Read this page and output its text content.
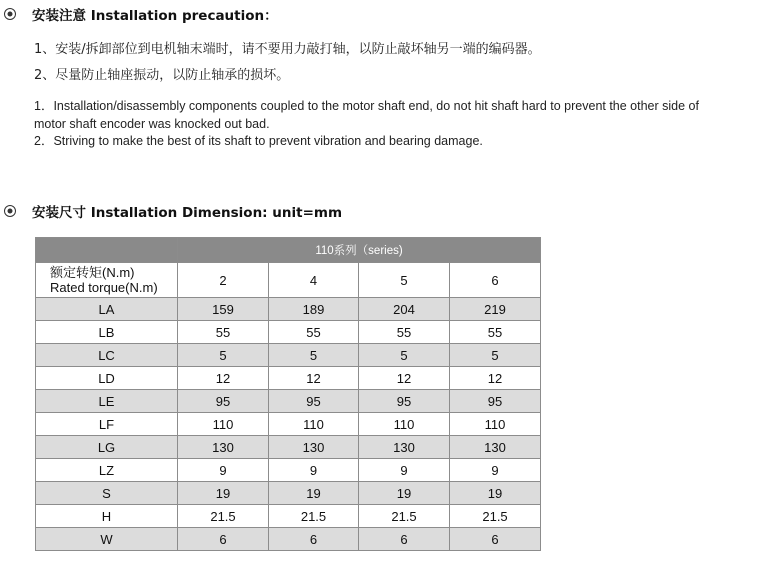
安装注意 Installation precaution：
1、安装/拆卸部位到电机轴末端时，请不要用力敲打轴，以防止敲坏轴另一端的编码器。
2、尽量防止轴座振动，以防止轴承的损坏。
1．Installation/disassembly components coupled to the motor shaft end, do not hit shaft hard to prevent the other side of
motor shaft encoder was knocked out bad.
2．Striving to make the best of its shaft to prevent vibration and bearing damage.
安装尺寸 Installation Dimension: unit=mm
	110系列（series)			

额定转矩(N.m)
Rated torque(N.m)	2	4	5	6
LA	159	189	204	219
LB	55	55	55	55
LC	5	5	5	5
LD	12	12	12	12
LE	95	95	95	95
LF	110	110	110	110
LG	130	130	130	130
LZ	9	9	9	9
S	19	19	19	19
H	21.5	21.5	21.5	21.5
W	6	6	6	6
